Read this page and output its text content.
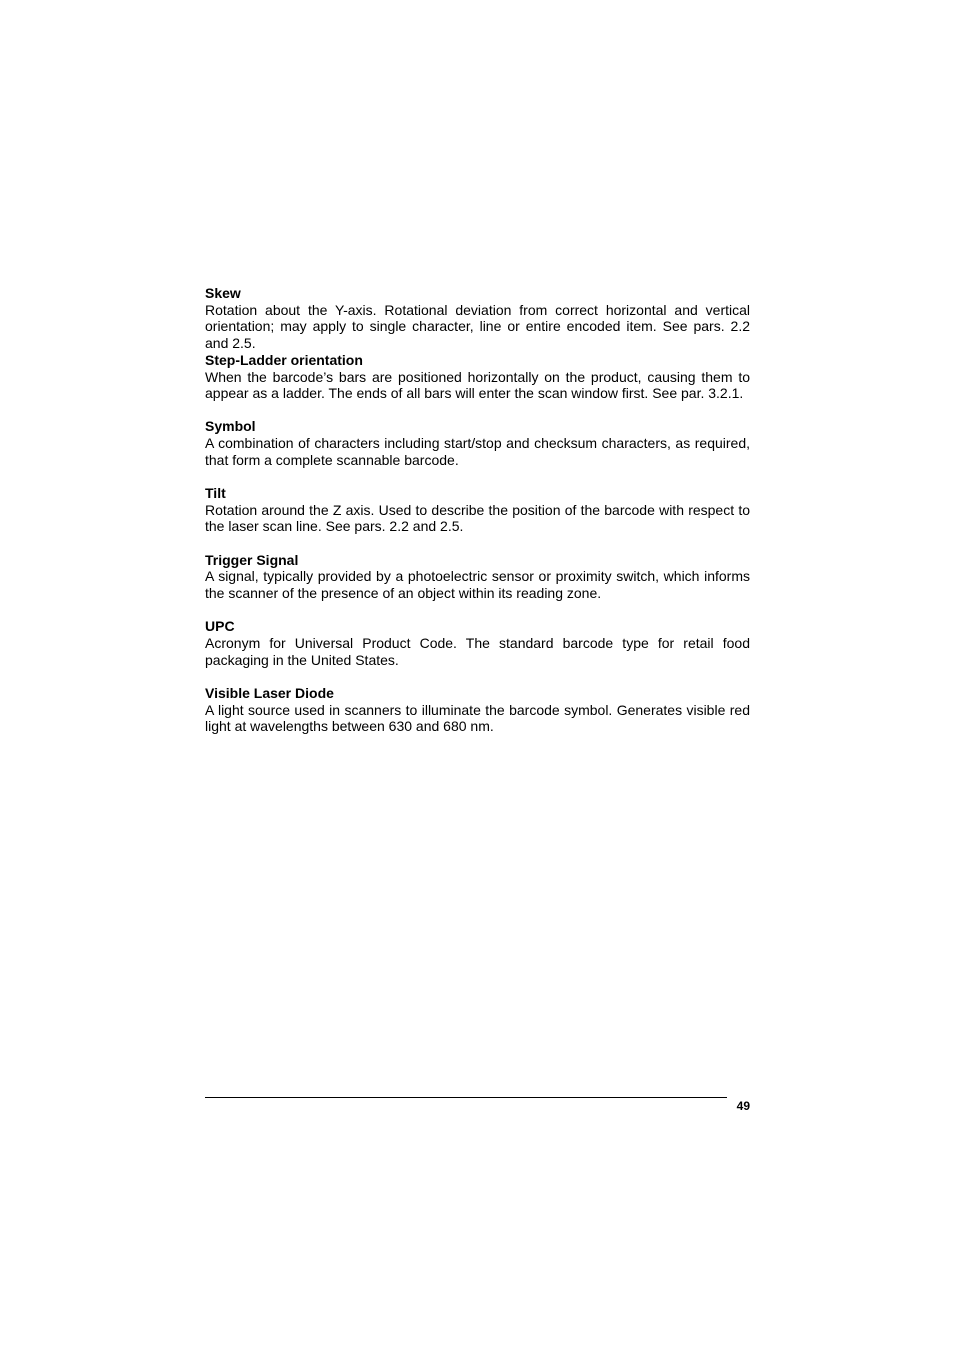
Skew

Rotation about the Y-axis. Rotational deviation from correct horizontal and vertical orientation; may apply to single character, line or entire encoded item. See pars. 2.2 and 2.5.

Step-Ladder orientation

When the barcode’s bars are positioned horizontally on the product, causing them to appear as a ladder. The ends of all bars will enter the scan window first. See par. 3.2.1.

Symbol

A combination of characters including start/stop and checksum characters, as required, that form a complete scannable barcode.

Tilt

Rotation around the Z axis. Used to describe the position of the barcode with respect to the laser scan line. See pars. 2.2 and 2.5.

Trigger Signal

A signal, typically provided by a photoelectric sensor or proximity switch, which informs the scanner of the presence of an object within its reading zone.

UPC

Acronym for Universal Product Code. The standard barcode type for retail food packaging in the United States.

Visible Laser Diode

A light source used in scanners to illuminate the barcode symbol. Generates visible red light at wavelengths between 630 and 680 nm.

49
